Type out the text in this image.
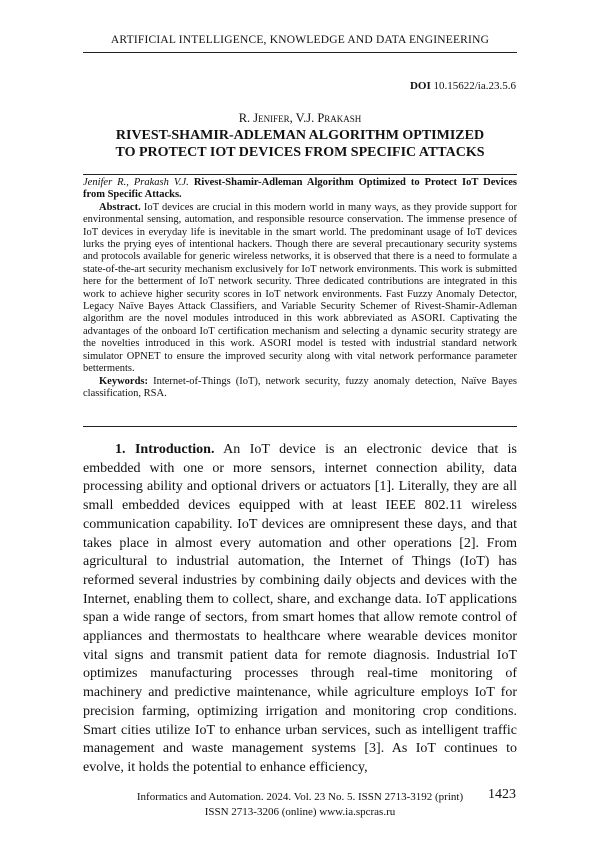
ARTIFICIAL INTELLIGENCE, KNOWLEDGE AND DATA ENGINEERING
DOI 10.15622/ia.23.5.6
R. Jenifer, V.J. Prakash
RIVEST-SHAMIR-ADLEMAN ALGORITHM OPTIMIZED
TO PROTECT IOT DEVICES FROM SPECIFIC ATTACKS

Jenifer R., Prakash V.J. Rivest-Shamir-Adleman Algorithm Optimized to Protect IoT Devices from Specific Attacks.

Abstract. IoT devices are crucial in this modern world in many ways, as they provide support for environmental sensing, automation, and responsible resource conservation. The immense presence of IoT devices in everyday life is inevitable in the smart world. The predominant usage of IoT devices lurks the prying eyes of intentional hackers. Though there are several precautionary security systems and protocols available for generic wireless networks, it is observed that there is a need to formulate a state-of-the-art security mechanism exclusively for IoT network environments. This work is submitted here for the betterment of IoT network security. Three dedicated contributions are integrated in this work to achieve higher security scores in IoT network environments. Fast Fuzzy Anomaly Detector, Legacy Naïve Bayes Attack Classifiers, and Variable Security Schemer of Rivest-Shamir-Adleman algorithm are the novel modules introduced in this work abbreviated as ASORI. Captivating the advantages of the onboard IoT certification mechanism and selecting a dynamic security strategy are the novelties introduced in this work. ASORI model is tested with industrial standard network simulator OPNET to ensure the improved security along with vital network performance parameter betterments.

Keywords: Internet-of-Things (IoT), network security, fuzzy anomaly detection, Naïve Bayes classification, RSA.

1. Introduction. An IoT device is an electronic device that is embedded with one or more sensors, internet connection ability, data processing ability and optional drivers or actuators [1]. Literally, they are all small embedded devices equipped with at least IEEE 802.11 wireless communication capability. IoT devices are omnipresent these days, and that takes place in almost every automation and other operations [2]. From agricultural to industrial automation, the Internet of Things (IoT) has reformed several industries by combining daily objects and devices with the Internet, enabling them to collect, share, and exchange data. IoT applications span a wide range of sectors, from smart homes that allow remote control of appliances and thermostats to healthcare where wearable devices monitor vital signs and transmit patient data for remote diagnosis. Industrial IoT optimizes manufacturing processes through real-time monitoring of machinery and predictive maintenance, while agriculture employs IoT for precision farming, optimizing irrigation and monitoring crop conditions. Smart cities utilize IoT to enhance urban services, such as intelligent traffic management and waste management systems [3]. As IoT continues to evolve, it holds the potential to enhance efficiency,

Informatics and Automation. 2024. Vol. 23 No. 5. ISSN 2713-3192 (print)
ISSN 2713-3206 (online) www.ia.spcras.ru
1423
